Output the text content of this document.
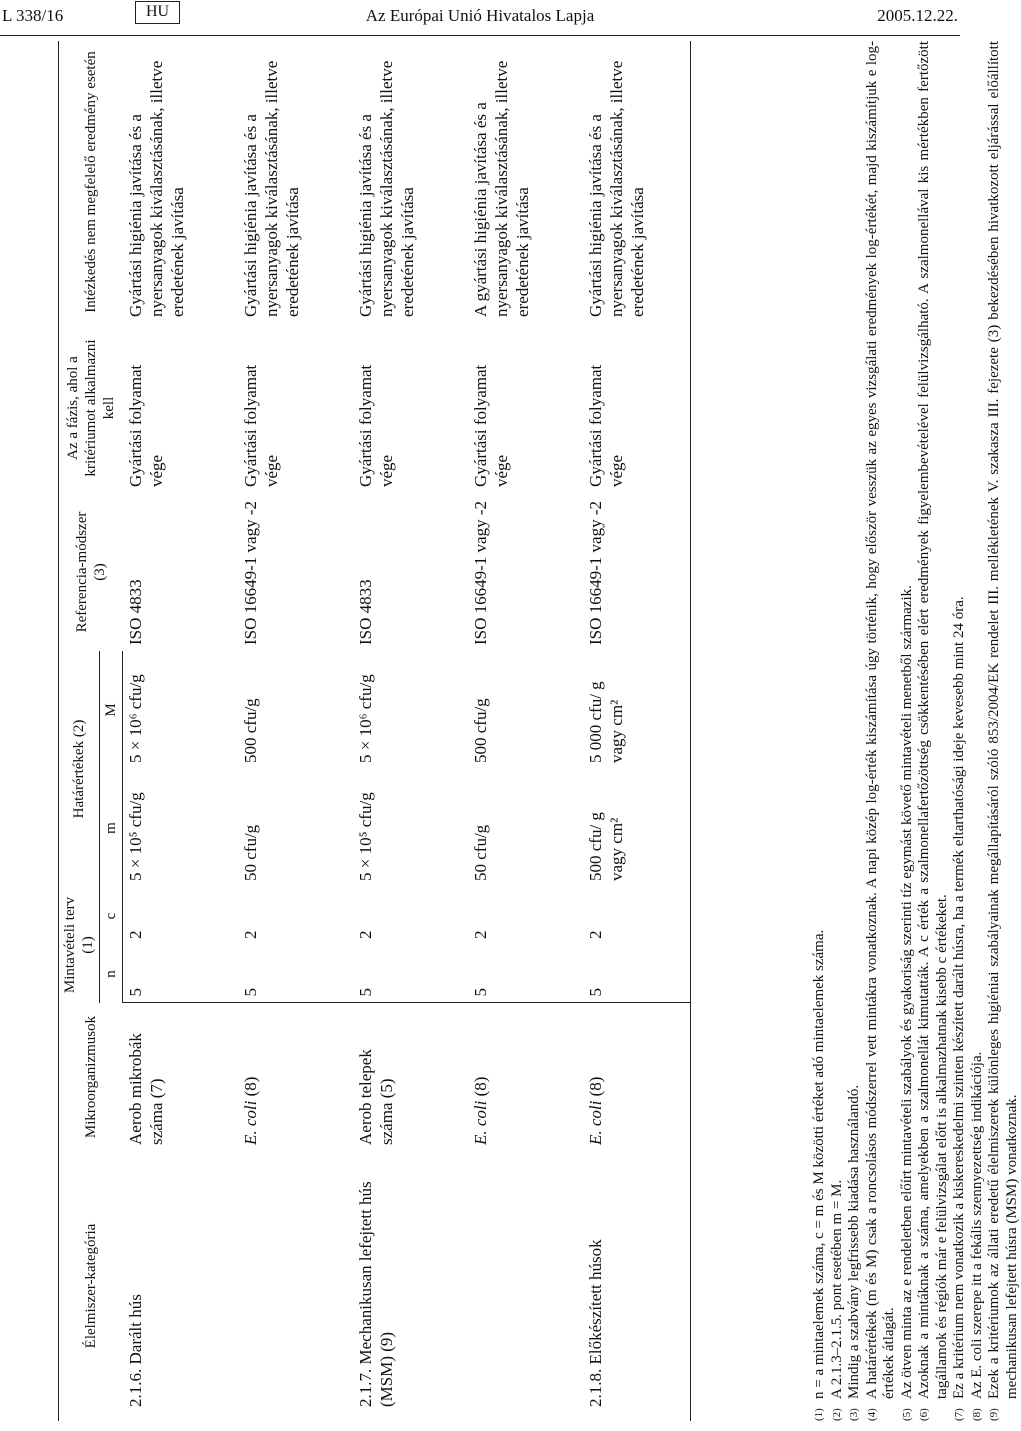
L 338/16	HU	Az Európai Unió Hivatalos Lapja	2005.12.22.
Élelmiszer-kategória	Mikroorganizmusok	Mintavételi terv (1)		Határértékek (2)		Referencia-módszer (3)	Az a fázis, ahol a kritériumot alkalmazni kell	Intézkedés nem megfelelő eredmény esetén
		n	c	m	M			
2.1.6. Darált hús	Aerob mikrobák száma (7)	5	2	5 × 10⁵ cfu/g	5 × 10⁶ cfu/g	ISO 4833	Gyártási folyamat vége	Gyártási higiénia javítása és a nyersanyagok kiválasztásának, illetve eredetének javítása

	E. coli (8)	5	2	50 cfu/g	500 cfu/g	ISO 16649-1 vagy -2	Gyártási folyamat vége	Gyártási higiénia javítása és a nyersanyagok kiválasztásának, illetve eredetének javítása

2.1.7. Mechanikusan lefejtett hús (MSM) (9)	Aerob telepek száma (5)	5	2	5 × 10⁵ cfu/g	5 × 10⁶ cfu/g	ISO 4833	Gyártási folyamat vége	Gyártási higiénia javítása és a nyersanyagok kiválasztásának, illetve eredetének javítása

	E. coli (8)	5	2	50 cfu/g	500 cfu/g	ISO 16649-1 vagy -2	Gyártási folyamat vége	A gyártási higiénia javítása és a nyersanyagok kiválasztásának, illetve eredetének javítása

2.1.8. Előkészített húsok	E. coli (8)	5	2	500 cfu/ g vagy cm²	5 000 cfu/ g vagy cm²	ISO 16649-1 vagy -2	Gyártási folyamat vége	Gyártási higiénia javítása és a nyersanyagok kiválasztásának, illetve eredetének javítása

(1)
n = a mintaelemek száma, c = m és M közötti értéket adó mintaelemek száma.
(2)
A 2.1.3–2.1.5. pont esetében m = M.
(3)
Mindig a szabvány legfrissebb kiadása használandó.
(4)
A határértékek (m és M) csak a roncsolásos módszerrel vett mintákra vonatkoznak. A napi közép log-érték kiszámítása úgy történik, hogy először vesszük az egyes vizsgálati eredmények log-értékét, majd kiszámítjuk e log-értékek átlagát.
(5)
Az ötven minta az e rendeletben előírt mintavételi szabályok és gyakoriság szerinti tíz egymást követő mintavételi menetből származik.
(6)
Azoknak a mintáknak a száma, amelyekben a szalmonellát kimutatták. A c érték a szalmonellafertőzöttség csökkentésében elért eredmények figyelembevételével felülvizsgálható. A szalmonellával kis mértékben fertőzött tagállamok és régiók már e felülvizsgálat előtt is alkalmazhatnak kisebb c értékeket.
(7)
Ez a kritérium nem vonatkozik a kiskereskedelmi szinten készített darált húsra, ha a termék eltarthatósági ideje kevesebb mint 24 óra.
(8)
Az E. coli szerepe itt a fekális szennyezettség indikációja.
(9)
Ezek a kritériumok az állati eredetű élelmiszerek különleges higiéniai szabályainak megállapításáról szóló 853/2004/EK rendelet III. mellékletének V. szakasza III. fejezete (3) bekezdésében hivatkozott eljárással előállított mechanikusan lefejtett húsra (MSM) vonatkoznak.
